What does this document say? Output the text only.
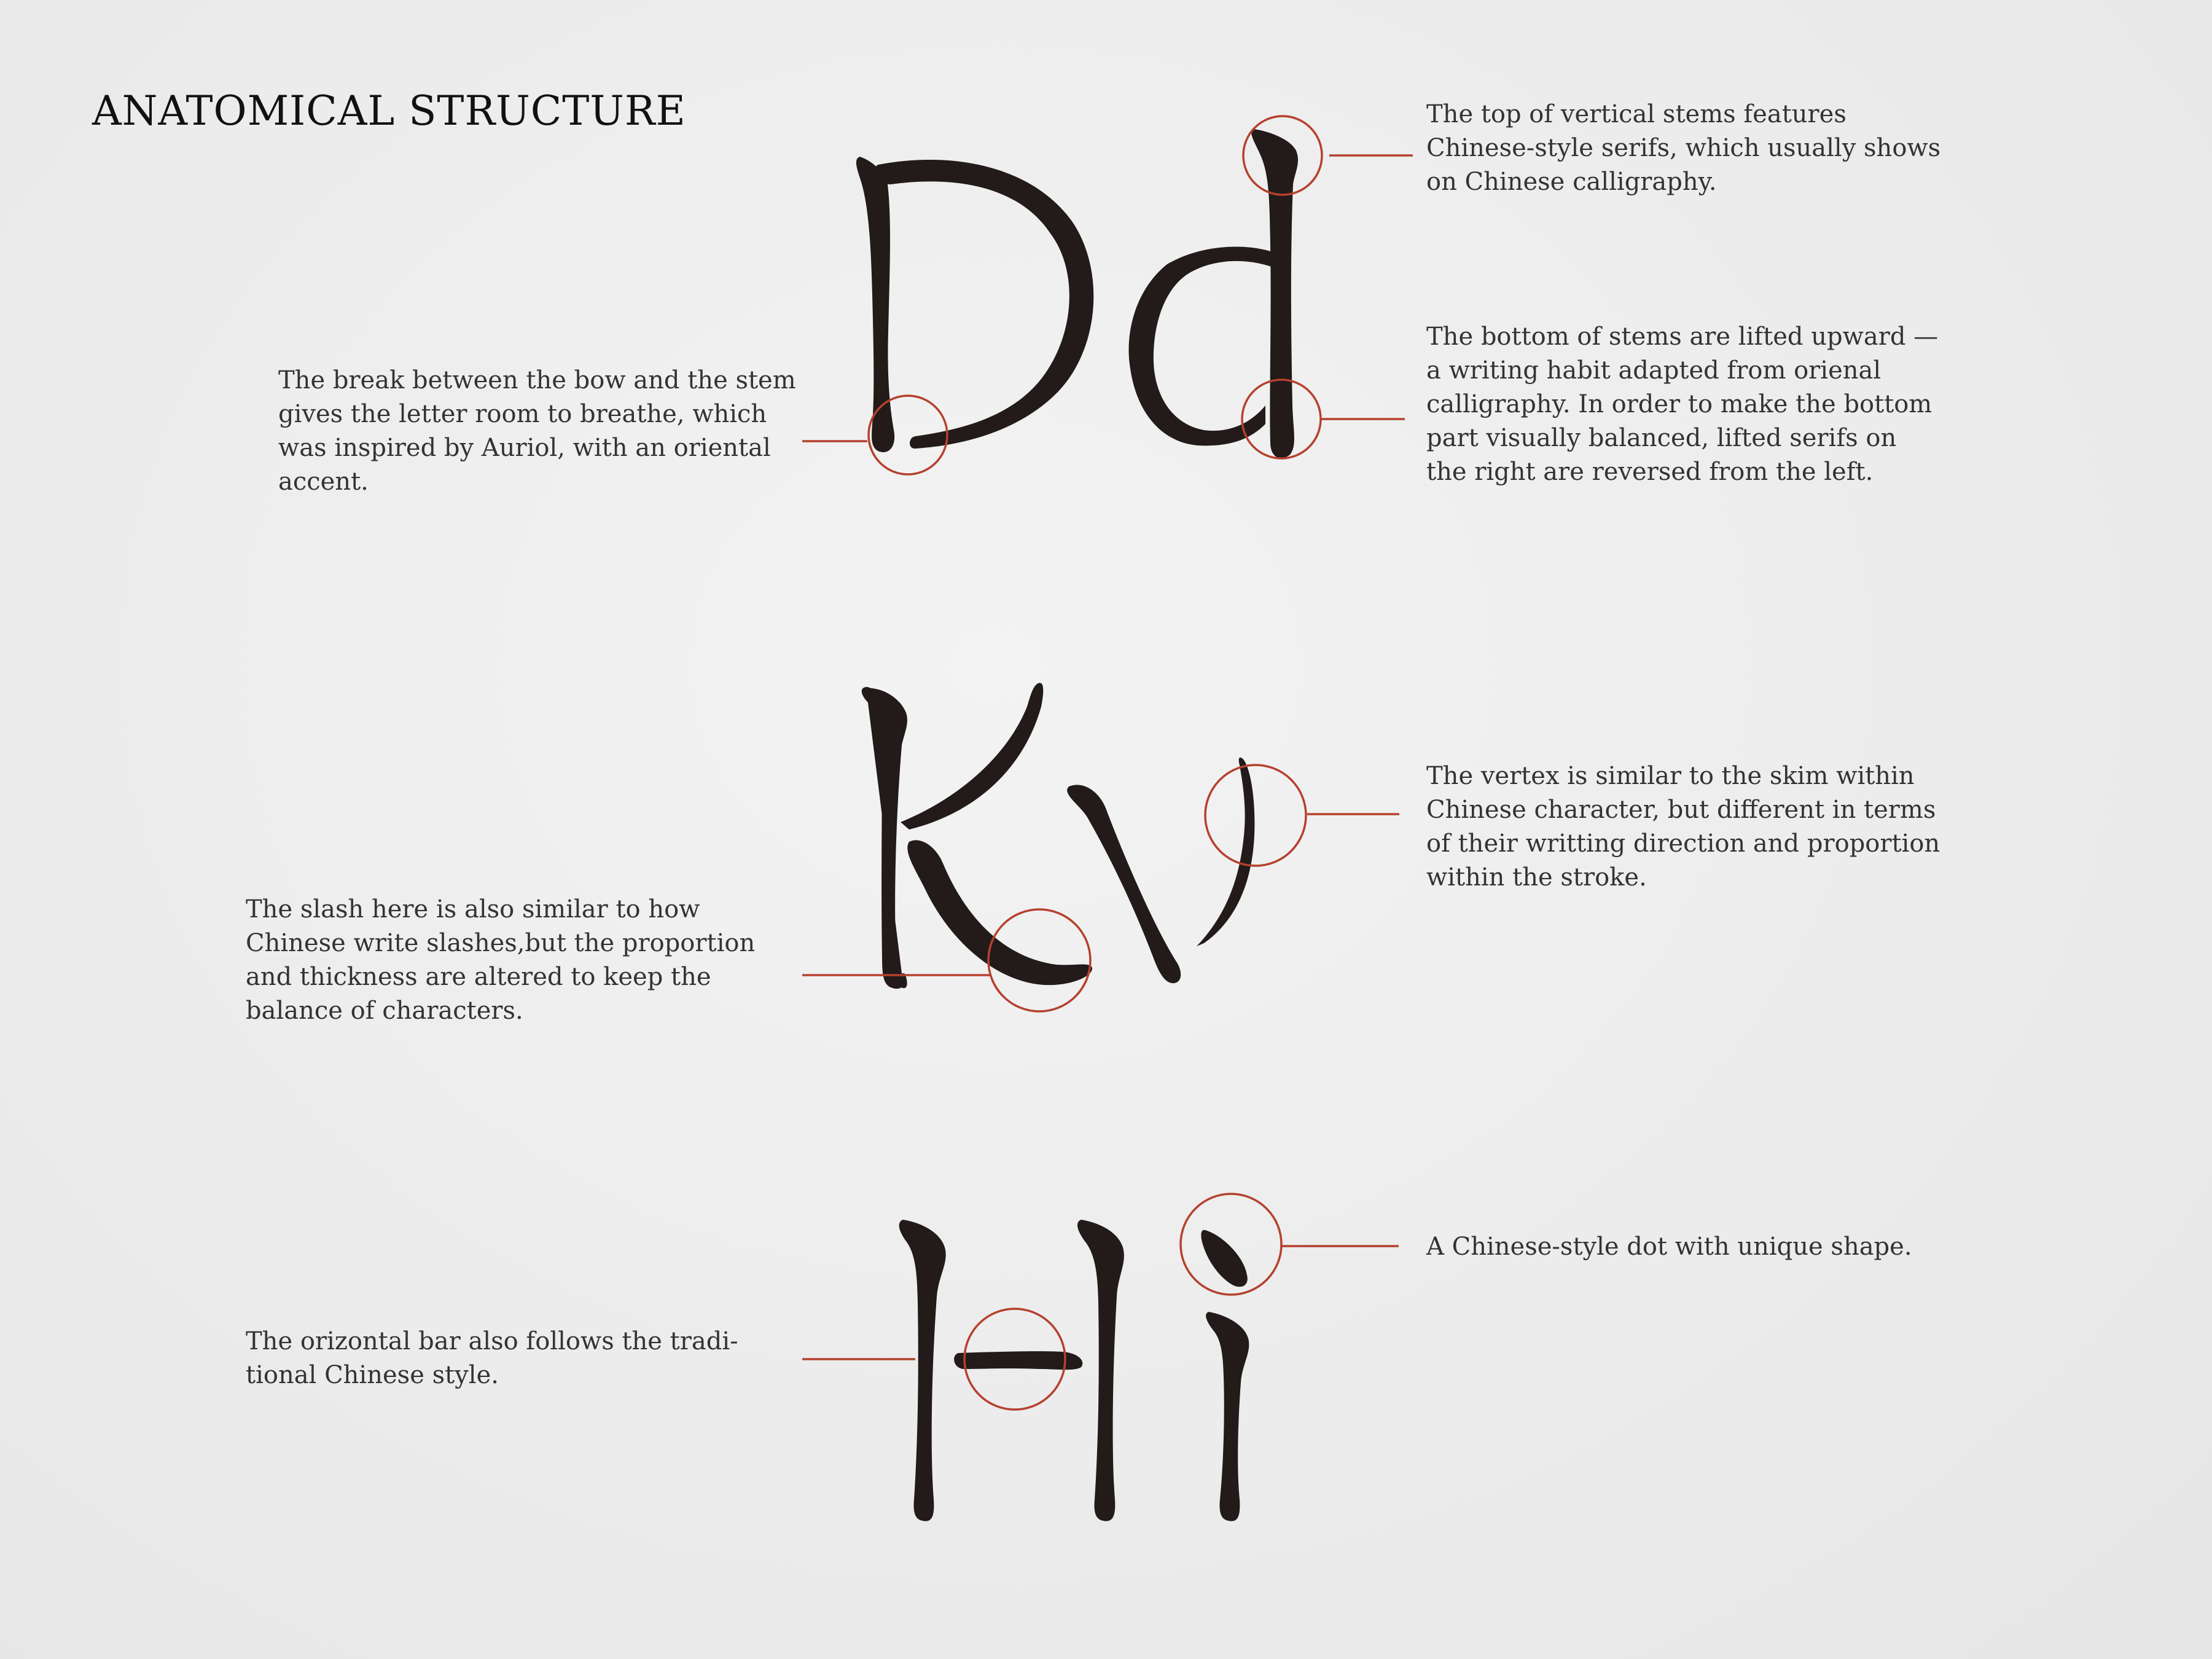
ANATOMICAL STRUCTURE	The top of vertical stems features
Chinese-style serifs, which usually shows
on Chinese calligraphy.

The bottom of stems are lifted upward —
a writing habit adapted from orienal
calligraphy. In order to make the bottom
part visually balanced, lifted serifs on
the right are reversed from the left.

The break between the bow and the stem
gives the letter room to breathe, which
was inspired by Auriol, with an oriental
accent.

The vertex is similar to the skim within
Chinese character, but different in terms
of their writting direction and proportion
within the stroke.

The slash here is also similar to how
Chinese write slashes,but the proportion
and thickness are altered to keep the
balance of characters.

A Chinese-style dot with unique shape.

The orizontal bar also follows the tradi-
tional Chinese style.
